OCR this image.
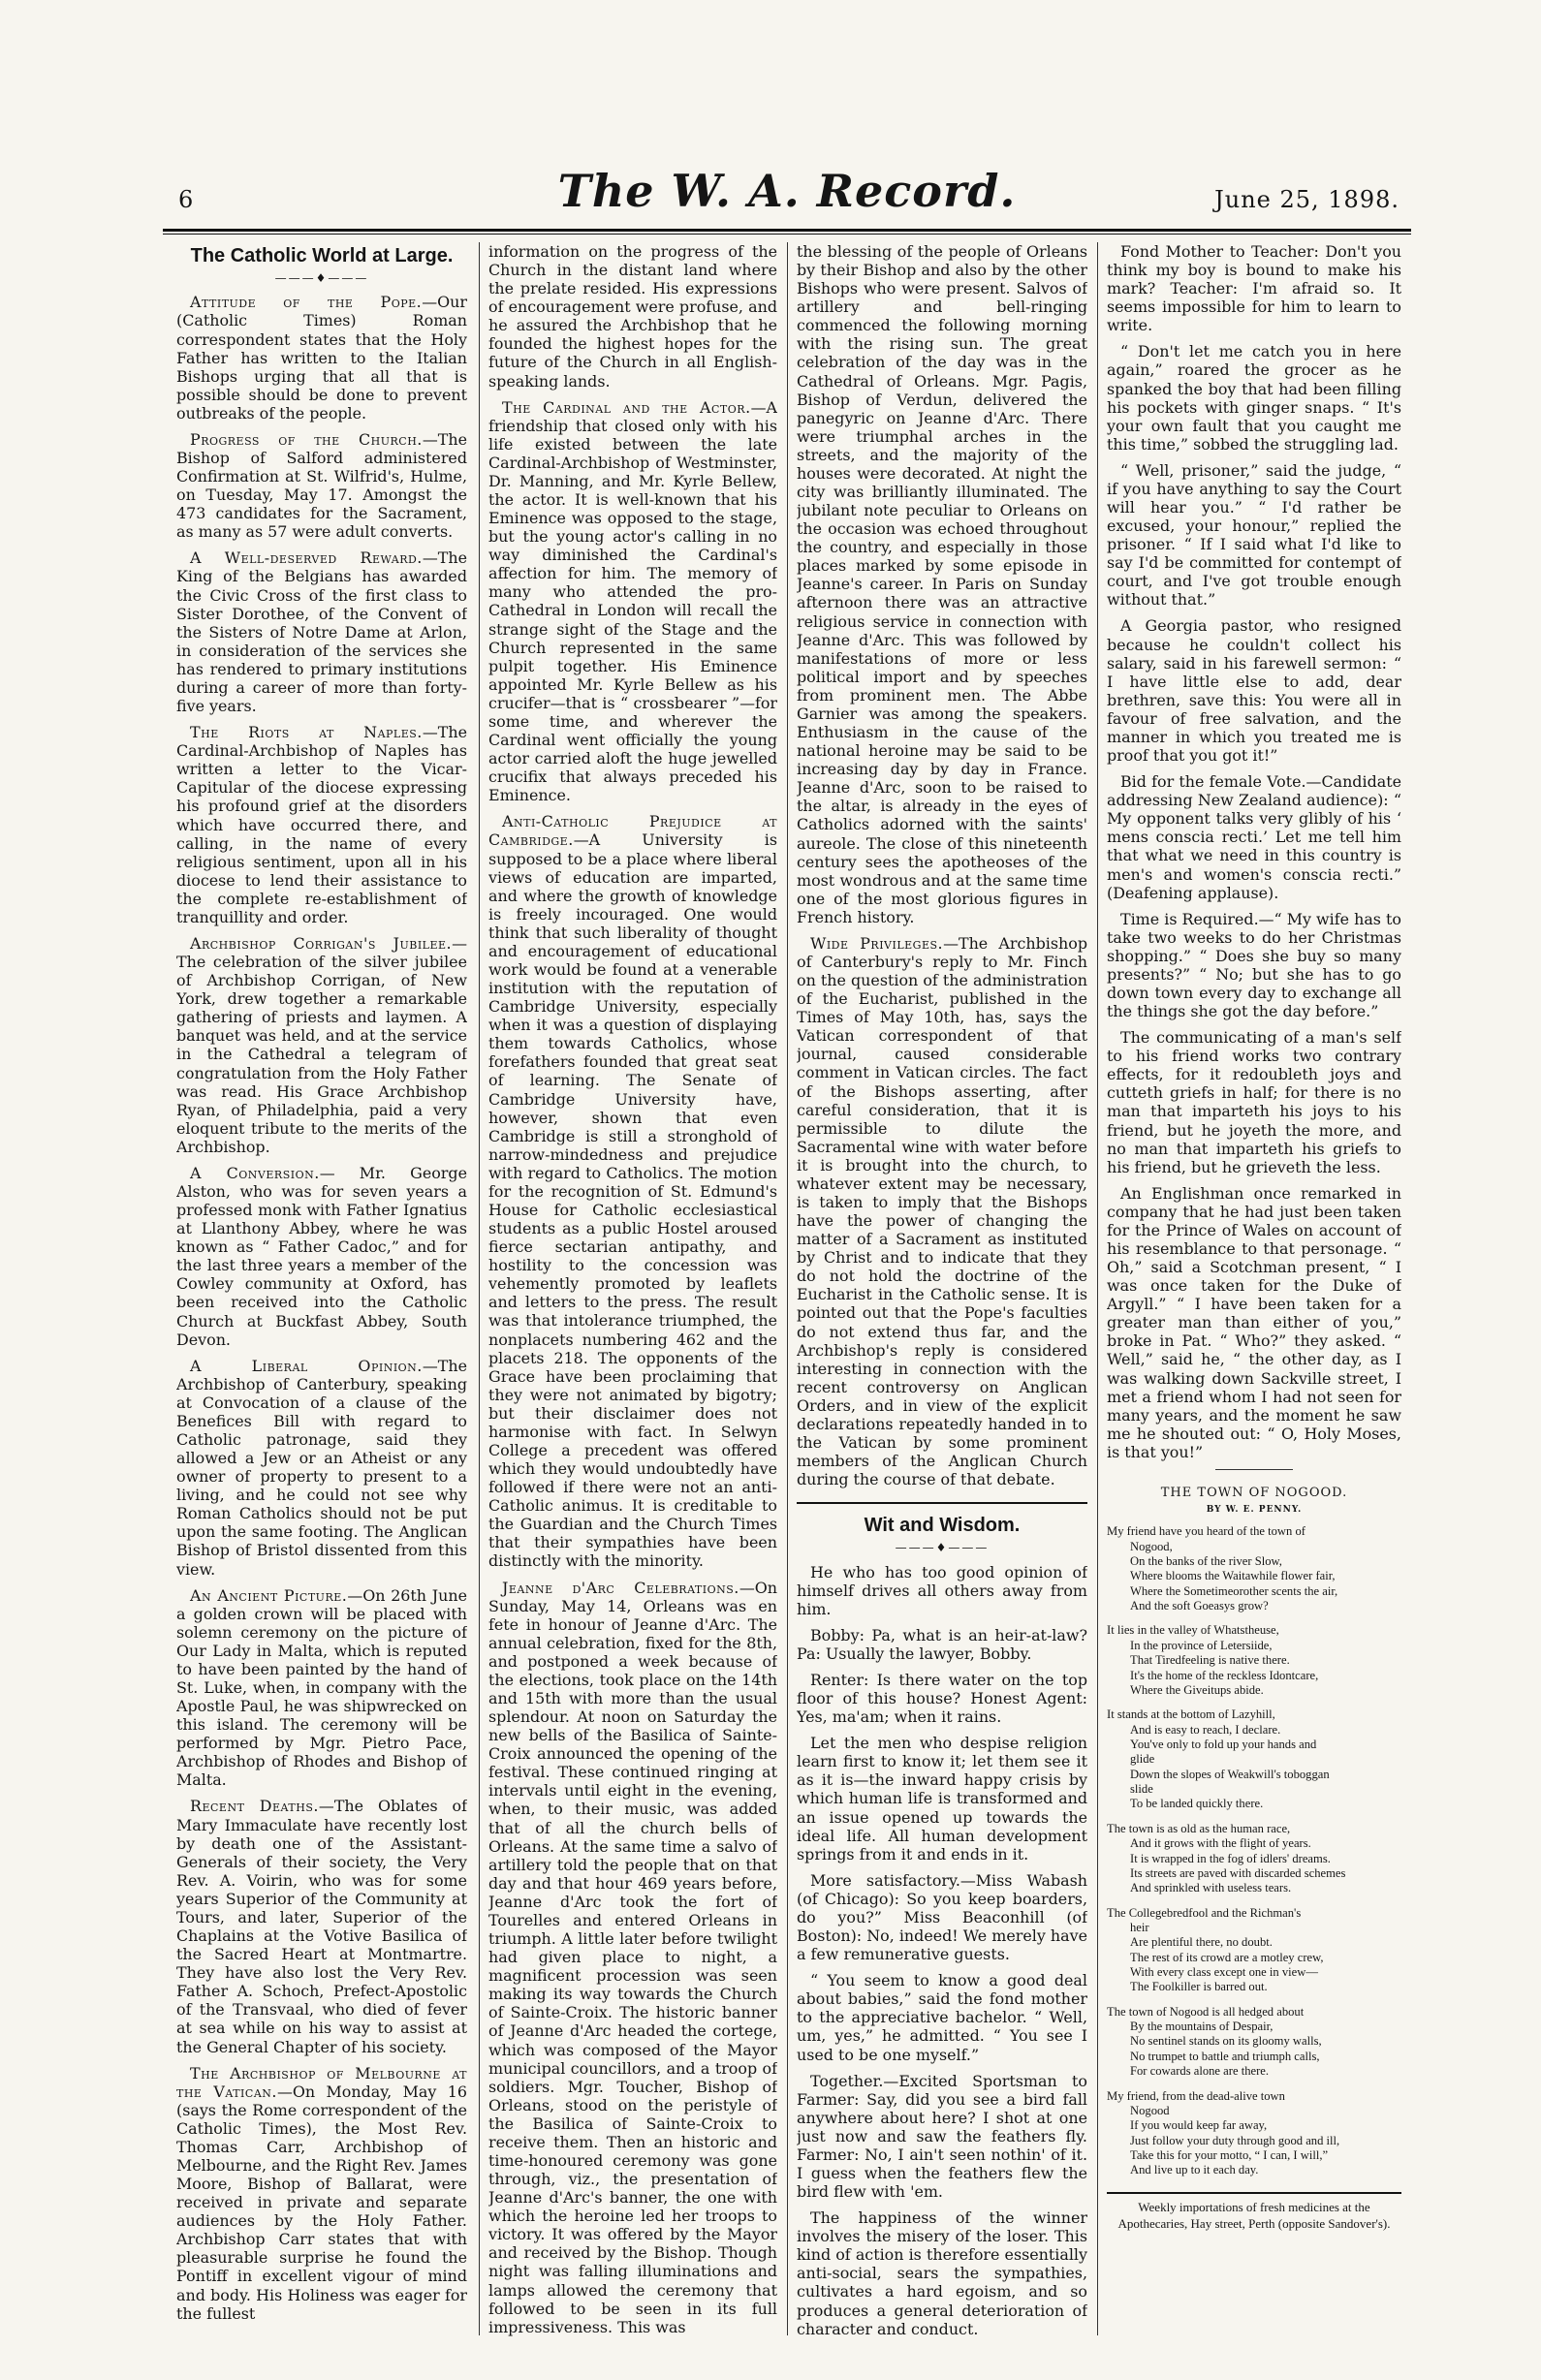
6	The W. A. Record.	June 25, 1898.
The Catholic World at Large.
———♦———

Attitude of the Pope.—Our (Catholic Times) Roman correspondent states that the Holy Father has written to the Italian Bishops urging that all that is possible should be done to prevent outbreaks of the people.

Progress of the Church.—The Bishop of Salford administered Confirmation at St. Wilfrid's, Hulme, on Tuesday, May 17. Amongst the 473 candidates for the Sacrament, as many as 57 were adult converts.

A Well-deserved Reward.—The King of the Belgians has awarded the Civic Cross of the first class to Sister Dorothee, of the Convent of the Sisters of Notre Dame at Arlon, in consideration of the services she has rendered to primary institutions during a career of more than forty-five years.

The Riots at Naples.—The Cardinal-Archbishop of Naples has written a letter to the Vicar-Capitular of the diocese expressing his profound grief at the disorders which have occurred there, and calling, in the name of every religious sentiment, upon all in his diocese to lend their assistance to the complete re-establishment of tranquillity and order.

Archbishop Corrigan's Jubilee.—The celebration of the silver jubilee of Archbishop Corrigan, of New York, drew together a remarkable gathering of priests and laymen. A banquet was held, and at the service in the Cathedral a telegram of congratulation from the Holy Father was read. His Grace Archbishop Ryan, of Philadelphia, paid a very eloquent tribute to the merits of the Archbishop.

A Conversion.— Mr. George Alston, who was for seven years a professed monk with Father Ignatius at Llanthony Abbey, where he was known as “ Father Cadoc,” and for the last three years a member of the Cowley community at Oxford, has been received into the Catholic Church at Buckfast Abbey, South Devon.

A Liberal Opinion.—The Archbishop of Canterbury, speaking at Convocation of a clause of the Benefices Bill with regard to Catholic patronage, said they allowed a Jew or an Atheist or any owner of property to present to a living, and he could not see why Roman Catholics should not be put upon the same footing. The Anglican Bishop of Bristol dissented from this view.

An Ancient Picture.—On 26th June a golden crown will be placed with solemn ceremony on the picture of Our Lady in Malta, which is reputed to have been painted by the hand of St. Luke, when, in company with the Apostle Paul, he was shipwrecked on this island. The ceremony will be performed by Mgr. Pietro Pace, Archbishop of Rhodes and Bishop of Malta.

Recent Deaths.—The Oblates of Mary Immaculate have recently lost by death one of the Assistant-Generals of their society, the Very Rev. A. Voirin, who was for some years Superior of the Community at Tours, and later, Superior of the Chaplains at the Votive Basilica of the Sacred Heart at Montmartre. They have also lost the Very Rev. Father A. Schoch, Prefect-Apostolic of the Transvaal, who died of fever at sea while on his way to assist at the General Chapter of his society.

The Archbishop of Melbourne at the Vatican.—On Monday, May 16 (says the Rome correspondent of the Catholic Times), the Most Rev. Thomas Carr, Archbishop of Melbourne, and the Right Rev. James Moore, Bishop of Ballarat, were received in private and separate audiences by the Holy Father. Archbishop Carr states that with pleasurable surprise he found the Pontiff in excellent vigour of mind and body. His Holiness was eager for the fullest

information on the progress of the Church in the distant land where the prelate resided. His expressions of encouragement were profuse, and he assured the Archbishop that he founded the highest hopes for the future of the Church in all English-speaking lands.

The Cardinal and the Actor.—A friendship that closed only with his life existed between the late Cardinal-Archbishop of Westminster, Dr. Manning, and Mr. Kyrle Bellew, the actor. It is well-known that his Eminence was opposed to the stage, but the young actor's calling in no way diminished the Cardinal's affection for him. The memory of many who attended the pro-Cathedral in London will recall the strange sight of the Stage and the Church represented in the same pulpit together. His Eminence appointed Mr. Kyrle Bellew as his crucifer—that is “ crossbearer ”—for some time, and wherever the Cardinal went officially the young actor carried aloft the huge jewelled crucifix that always preceded his Eminence.

Anti-Catholic Prejudice at Cambridge.—A University is supposed to be a place where liberal views of education are imparted, and where the growth of knowledge is freely incouraged. One would think that such liberality of thought and encouragement of educational work would be found at a venerable institution with the reputation of Cambridge University, especially when it was a question of displaying them towards Catholics, whose forefathers founded that great seat of learning. The Senate of Cambridge University have, however, shown that even Cambridge is still a stronghold of narrow-mindedness and prejudice with regard to Catholics. The motion for the recognition of St. Edmund's House for Catholic ecclesiastical students as a public Hostel aroused fierce sectarian antipathy, and hostility to the concession was vehemently promoted by leaflets and letters to the press. The result was that intolerance triumphed, the nonplacets numbering 462 and the placets 218. The opponents of the Grace have been proclaiming that they were not animated by bigotry; but their disclaimer does not harmonise with fact. In Selwyn College a precedent was offered which they would undoubtedly have followed if there were not an anti-Catholic animus. It is creditable to the Guardian and the Church Times that their sympathies have been distinctly with the minority.

Jeanne d'Arc Celebrations.—On Sunday, May 14, Orleans was en fete in honour of Jeanne d'Arc. The annual celebration, fixed for the 8th, and postponed a week because of the elections, took place on the 14th and 15th with more than the usual splendour. At noon on Saturday the new bells of the Basilica of Sainte-Croix announced the opening of the festival. These continued ringing at intervals until eight in the evening, when, to their music, was added that of all the church bells of Orleans. At the same time a salvo of artillery told the people that on that day and that hour 469 years before, Jeanne d'Arc took the fort of Tourelles and entered Orleans in triumph. A little later before twilight had given place to night, a magnificent procession was seen making its way towards the Church of Sainte-Croix. The historic banner of Jeanne d'Arc headed the cortege, which was composed of the Mayor municipal councillors, and a troop of soldiers. Mgr. Toucher, Bishop of Orleans, stood on the peristyle of the Basilica of Sainte-Croix to receive them. Then an historic and time-honoured ceremony was gone through, viz., the presentation of Jeanne d'Arc's banner, the one with which the heroine led her troops to victory. It was offered by the Mayor and received by the Bishop. Though night was falling illuminations and lamps allowed the ceremony that followed to be seen in its full impressiveness. This was

the blessing of the people of Orleans by their Bishop and also by the other Bishops who were present. Salvos of artillery and bell-ringing commenced the following morning with the rising sun. The great celebration of the day was in the Cathedral of Orleans. Mgr. Pagis, Bishop of Verdun, delivered the panegyric on Jeanne d'Arc. There were triumphal arches in the streets, and the majority of the houses were decorated. At night the city was brilliantly illuminated. The jubilant note peculiar to Orleans on the occasion was echoed throughout the country, and especially in those places marked by some episode in Jeanne's career. In Paris on Sunday afternoon there was an attractive religious service in connection with Jeanne d'Arc. This was followed by manifestations of more or less political import and by speeches from prominent men. The Abbe Garnier was among the speakers. Enthusiasm in the cause of the national heroine may be said to be increasing day by day in France. Jeanne d'Arc, soon to be raised to the altar, is already in the eyes of Catholics adorned with the saints' aureole. The close of this nineteenth century sees the apotheoses of the most wondrous and at the same time one of the most glorious figures in French history.

Wide Privileges.—The Archbishop of Canterbury's reply to Mr. Finch on the question of the administration of the Eucharist, published in the Times of May 10th, has, says the Vatican correspondent of that journal, caused considerable comment in Vatican circles. The fact of the Bishops asserting, after careful consideration, that it is permissible to dilute the Sacramental wine with water before it is brought into the church, to whatever extent may be necessary, is taken to imply that the Bishops have the power of changing the matter of a Sacrament as instituted by Christ and to indicate that they do not hold the doctrine of the Eucharist in the Catholic sense. It is pointed out that the Pope's faculties do not extend thus far, and the Archbishop's reply is considered interesting in connection with the recent controversy on Anglican Orders, and in view of the explicit declarations repeatedly handed in to the Vatican by some prominent members of the Anglican Church during the course of that debate.

Wit and Wisdom.
———♦———

He who has too good opinion of himself drives all others away from him.

Bobby: Pa, what is an heir-at-law? Pa: Usually the lawyer, Bobby.

Renter: Is there water on the top floor of this house? Honest Agent: Yes, ma'am; when it rains.

Let the men who despise religion learn first to know it; let them see it as it is—the inward happy crisis by which human life is transformed and an issue opened up towards the ideal life. All human development springs from it and ends in it.

More satisfactory.—Miss Wabash (of Chicago): So you keep boarders, do you?” Miss Beaconhill (of Boston): No, indeed! We merely have a few remunerative guests.

“ You seem to know a good deal about babies,” said the fond mother to the appreciative bachelor. “ Well, um, yes,” he admitted. “ You see I used to be one myself.”

Together.—Excited Sportsman to Farmer: Say, did you see a bird fall anywhere about here? I shot at one just now and saw the feathers fly. Farmer: No, I ain't seen nothin' of it. I guess when the feathers flew the bird flew with 'em.

The happiness of the winner involves the misery of the loser. This kind of action is therefore essentially anti-social, sears the sympathies, cultivates a hard egoism, and so produces a general deterioration of character and conduct.

Fond Mother to Teacher: Don't you think my boy is bound to make his mark? Teacher: I'm afraid so. It seems impossible for him to learn to write.

“ Don't let me catch you in here again,” roared the grocer as he spanked the boy that had been filling his pockets with ginger snaps. “ It's your own fault that you caught me this time,” sobbed the struggling lad.

“ Well, prisoner,” said the judge, “ if you have anything to say the Court will hear you.” “ I'd rather be excused, your honour,” replied the prisoner. “ If I said what I'd like to say I'd be committed for contempt of court, and I've got trouble enough without that.”

A Georgia pastor, who resigned because he couldn't collect his salary, said in his farewell sermon: “ I have little else to add, dear brethren, save this: You were all in favour of free salvation, and the manner in which you treated me is proof that you got it!”

Bid for the female Vote.—Candidate addressing New Zealand audience): “ My opponent talks very glibly of his ‘ mens conscia recti.’ Let me tell him that what we need in this country is men's and women's conscia recti.” (Deafening applause).

Time is Required.—“ My wife has to take two weeks to do her Christmas shopping.” “ Does she buy so many presents?” “ No; but she has to go down town every day to exchange all the things she got the day before.”

The communicating of a man's self to his friend works two contrary effects, for it redoubleth joys and cutteth griefs in half; for there is no man that imparteth his joys to his friend, but he joyeth the more, and no man that imparteth his griefs to his friend, but he grieveth the less.

An Englishman once remarked in company that he had just been taken for the Prince of Wales on account of his resemblance to that personage. “ Oh,” said a Scotchman present, “ I was once taken for the Duke of Argyll.” “ I have been taken for a greater man than either of you,” broke in Pat. “ Who?” they asked. “ Well,” said he, “ the other day, as I was walking down Sackville street, I met a friend whom I had not seen for many years, and the moment he saw me he shouted out: “ O, Holy Moses, is that you!”

THE TOWN OF NOGOOD.
BY W. E. PENNY.
My friend have you heard of the town of
Nogood,
On the banks of the river Slow,
Where blooms the Waitawhile flower fair,
Where the Sometimeorother scents the air,
And the soft Goeasys grow?
It lies in the valley of Whatstheuse,
In the province of Letersiide,
That Tiredfeeling is native there.
It's the home of the reckless Idontcare,
Where the Giveitups abide.
It stands at the bottom of Lazyhill,
And is easy to reach, I declare.
You've only to fold up your hands and
glide
Down the slopes of Weakwill's toboggan
slide
To be landed quickly there.
The town is as old as the human race,
And it grows with the flight of years.
It is wrapped in the fog of idlers' dreams.
Its streets are paved with discarded schemes
And sprinkled with useless tears.
The Collegebredfool and the Richman's
heir
Are plentiful there, no doubt.
The rest of its crowd are a motley crew,
With every class except one in view—
The Foolkiller is barred out.
The town of Nogood is all hedged about
By the mountains of Despair,
No sentinel stands on its gloomy walls,
No trumpet to battle and triumph calls,
For cowards alone are there.
My friend, from the dead-alive town
Nogood
If you would keep far away,
Just follow your duty through good and ill,
Take this for your motto, “ I can, I will,”
And live up to it each day.
Weekly importations of fresh medicines at the Apothecaries, Hay street, Perth (opposite Sandover's).
